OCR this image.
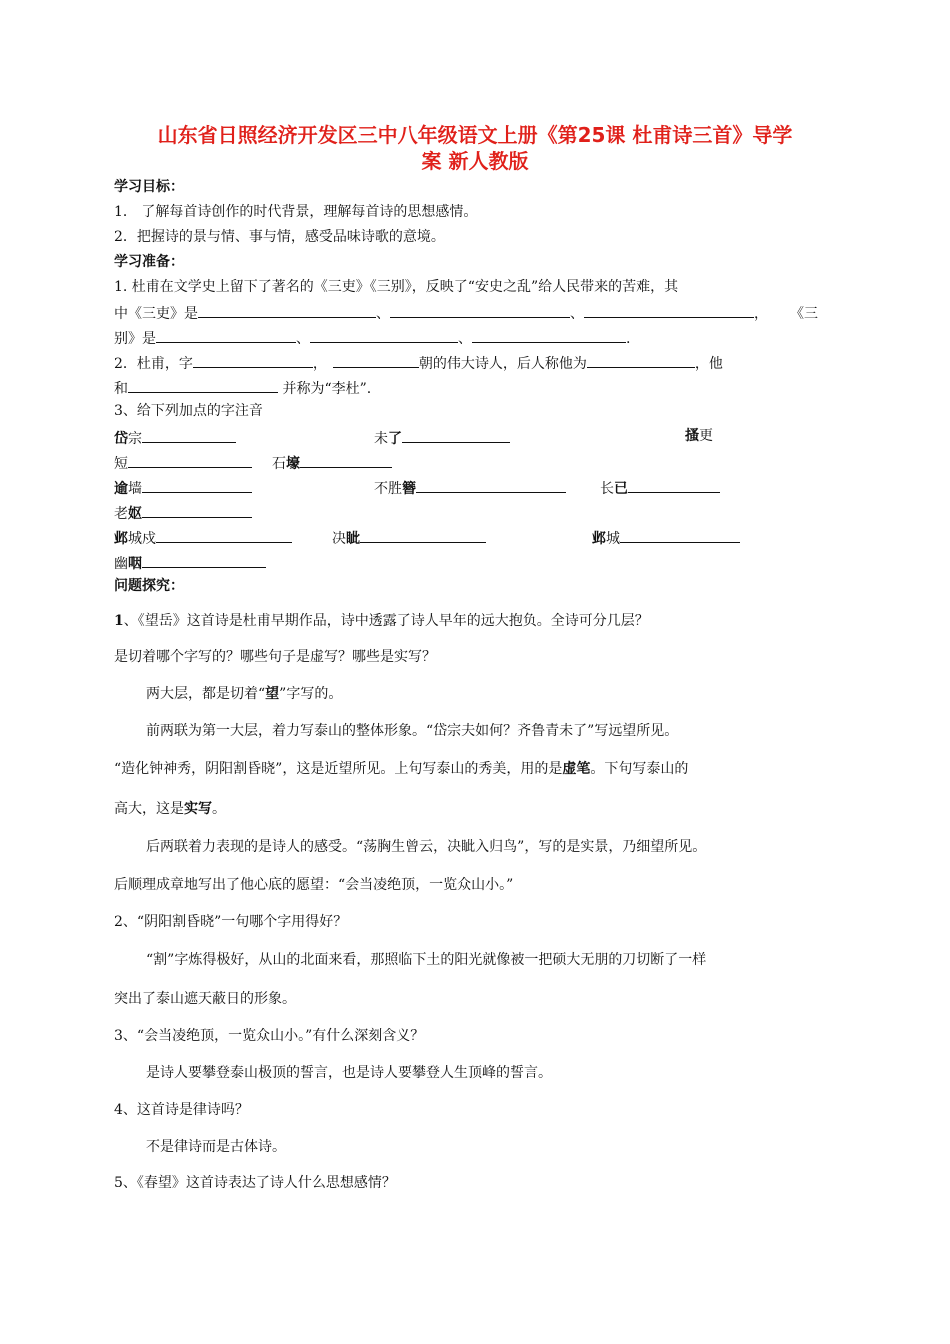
山东省日照经济开发区三中八年级语文上册《第25课 杜甫诗三首》导学
案 新人教版
学习目标：
1． 了解每首诗创作的时代背景，理解每首诗的思想感情。
2．把握诗的景与情、事与情，感受品味诗歌的意境。
学习准备：
1. 杜甫在文学史上留下了著名的《三吏》《三别》，反映了“安史之乱”给人民带来的苦难，其
中《三吏》是	、	、	， 《三
别》是	、	、	.
2．杜甫，字	，	朝的伟大诗人，后人称他为	，他
和	并称为“李杜”.
3、给下列加点的字注音
岱宗	未了	搔更
短	石壕
逾墙	不胜簪	长已
老妪
邺城戍	决眦	邺城
幽咽
问题探究：
1、《望岳》这首诗是杜甫早期作品，诗中透露了诗人早年的远大抱负。全诗可分几层？
是切着哪个字写的？哪些句子是虚写？哪些是实写？
两大层，都是切着“望”字写的。
前两联为第一大层，着力写泰山的整体形象。“岱宗夫如何？齐鲁青未了”写远望所见。
“造化钟神秀，阴阳割昏晓”，这是近望所见。上句写泰山的秀美，用的是虚笔。下句写泰山的
高大，这是实写。
后两联着力表现的是诗人的感受。“荡胸生曾云，决眦入归鸟”，写的是实景，乃细望所见。
后顺理成章地写出了他心底的愿望：“会当凌绝顶，一览众山小。”
2、“阴阳割昏晓”一句哪个字用得好？
“割”字炼得极好，从山的北面来看，那照临下土的阳光就像被一把硕大无朋的刀切断了一样
突出了泰山遮天蔽日的形象。
3、“会当凌绝顶，一览众山小。”有什么深刻含义？
是诗人要攀登泰山极顶的誓言，也是诗人要攀登人生顶峰的誓言。
4、这首诗是律诗吗？
不是律诗而是古体诗。
5、《春望》这首诗表达了诗人什么思想感情？
